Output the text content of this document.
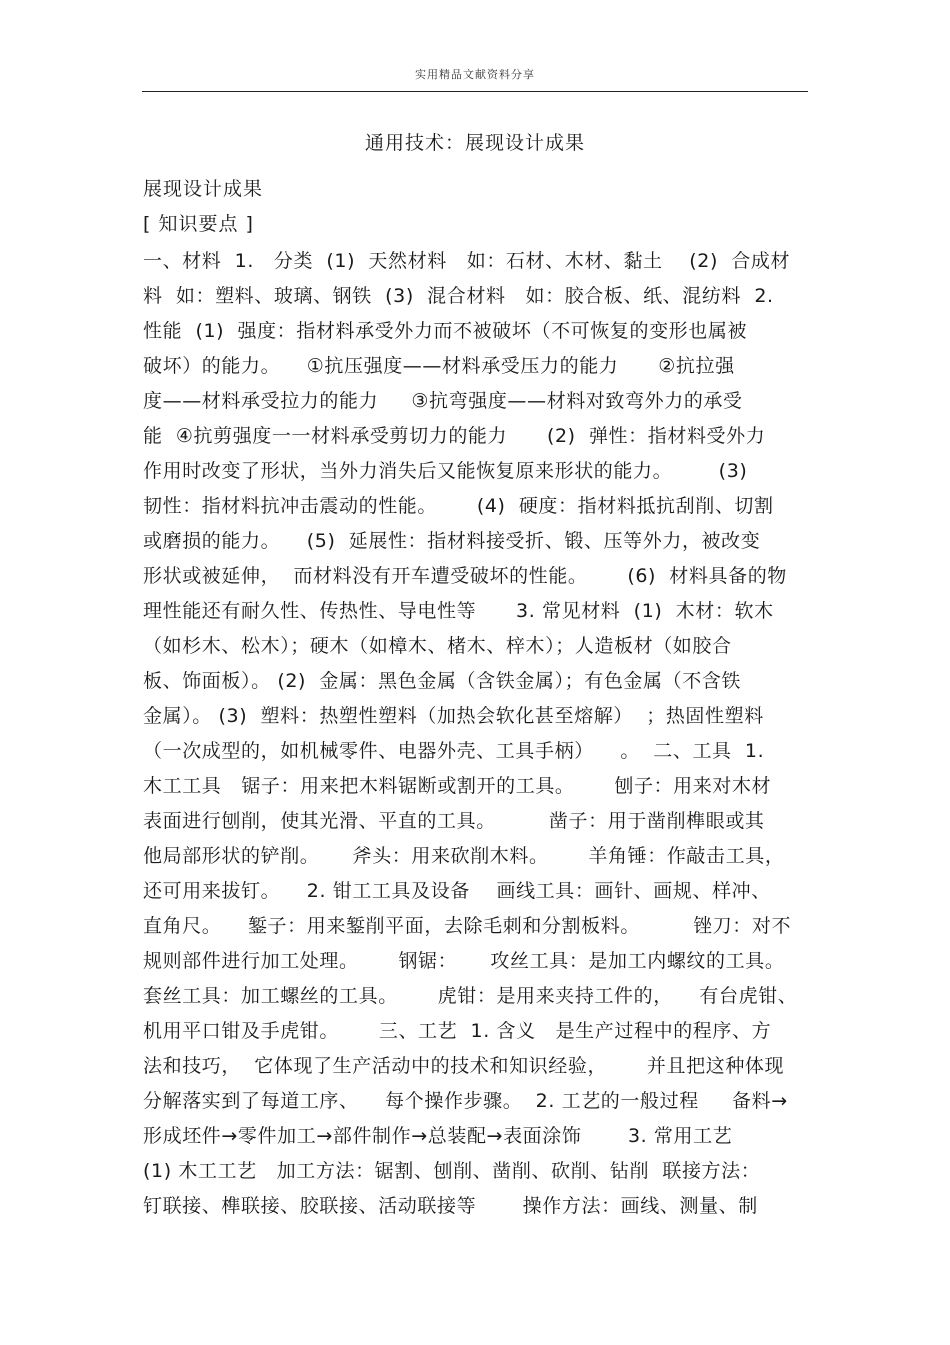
实用精品文献资料分享
通用技术：展现设计成果
展现设计成果
[ 知识要点 ]
一、材料  1.   分类  (1)  天然材料   如：石材、木材、黏土    (2)  合成材
料  如：塑料、玻璃、钢铁  (3)  混合材料   如：胶合板、纸、混纺料  2.
性能  (1)  强度：指材料承受外力而不被破坏（不可恢复的变形也属被
破坏）的能力。    ①抗压强度——材料承受压力的能力      ②抗拉强
度——材料承受拉力的能力     ③抗弯强度——材料对致弯外力的承受
能  ④抗剪强度一一材料承受剪切力的能力      (2)  弹性：指材料受外力
作用时改变了形状，当外力消失后又能恢复原来形状的能力。       (3)
韧性：指材料抗冲击震动的性能。      (4)  硬度：指材料抵抗刮削、切割
或磨损的能力。    (5)  延展性：指材料接受折、锻、压等外力，被改变
形状或被延伸，  而材料没有开车遭受破坏的性能。      (6)  材料具备的物
理性能还有耐久性、传热性、导电性等      3. 常见材料  (1)  木材：软木
（如杉木、松木）；硬木（如樟木、楮木、梓木）；人造板材（如胶合
板、饰面板）。 (2)  金属：黑色金属（含铁金属）；有色金属（不含铁
金属）。 (3)  塑料：热塑性塑料（加热会软化甚至熔解）  ；热固性塑料
（一次成型的，如机械零件、电器外壳、工具手柄）    。  二、工具  1.
木工工具   锯子：用来把木料锯断或割开的工具。      刨子：用来对木材
表面进行刨削，使其光滑、平直的工具。        凿子：用于凿削榫眼或其
他局部形状的铲削。     斧头：用来砍削木料。      羊角锤：作敲击工具，
还可用来拔钉。    2. 钳工工具及设备    画线工具：画针、画规、样冲、
直角尺。    錾子：用来錾削平面，去除毛刺和分割板料。        锉刀：对不
规则部件进行加工处理。      钢锯：     攻丝工具：是加工内螺纹的工具。
套丝工具：加工螺丝的工具。      虎钳：是用来夹持工件的，    有台虎钳、
机用平口钳及手虎钳。      三、工艺  1. 含义   是生产过程中的程序、方
法和技巧，  它体现了生产活动中的技术和知识经验，      并且把这种体现
分解落实到了每道工序、    每个操作步骤。  2. 工艺的一般过程     备料→
形成坯件→零件加工→部件制作→总装配→表面涂饰       3. 常用工艺
(1) 木工工艺   加工方法：锯割、刨削、凿削、砍削、钻削  联接方法：
钉联接、榫联接、胶联接、活动联接等       操作方法：画线、测量、制
